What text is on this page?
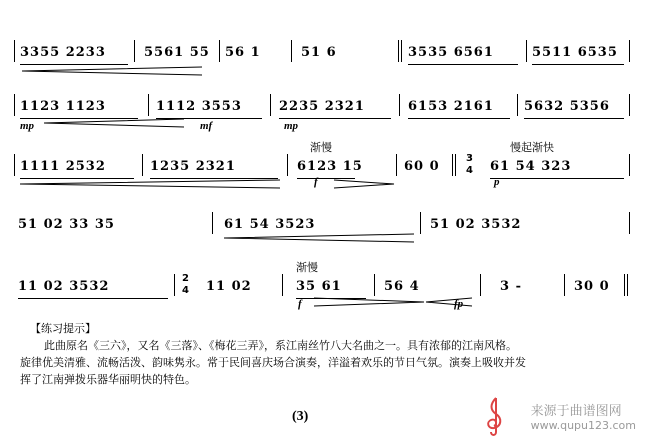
3355 2233	5561 55 56 1	51 6	3535 6561	5511 6535
1123 1123	1112 3553	2235 2321	6153 2161 5632 5356
mp	mf	mp
渐慢	慢起渐快
1111 2532	1235 2321	6123 15	60 0
3
4 61 54 323
f	p
51 02 33 35	61 54 3523	51 02 3532
渐慢
11 02 3532
2
4 11 02	35 61	56 4	3 -	30 0
f	fp
【练习提示】
此曲原名《三六》，又名《三落》、《梅花三弄》，系江南丝竹八大名曲之一。具有浓郁的江南风格。
旋律优美清雅、流畅活泼、韵味隽永。常于民间喜庆场合演奏，洋溢着欢乐的节日气氛。演奏上吸收并发
挥了江南弹拨乐器华丽明快的特色。
(3)	来源于曲谱图网
www.qupu123.com
